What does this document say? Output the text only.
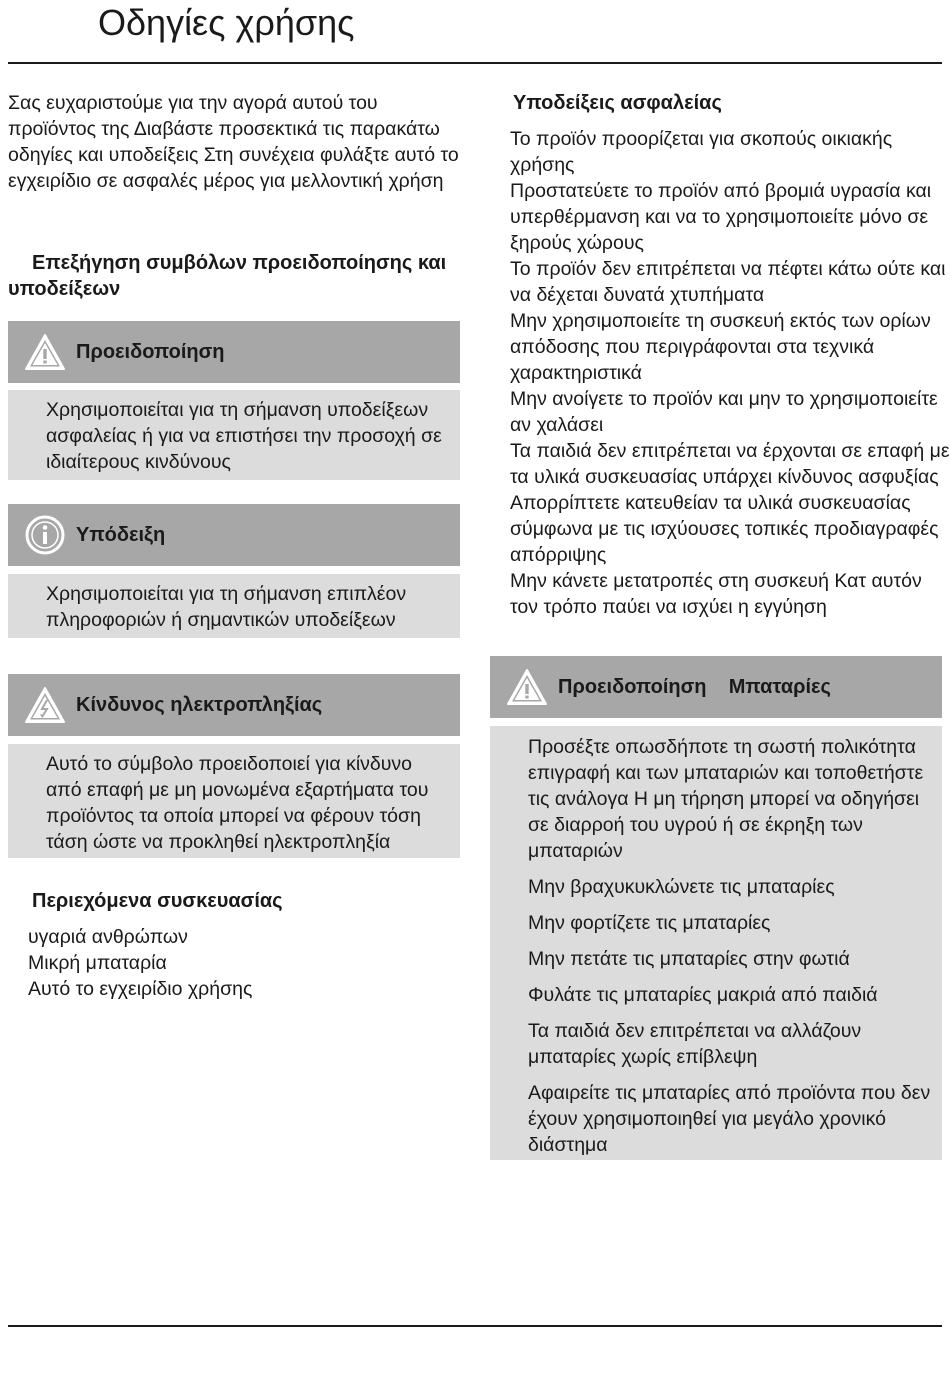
Οδηγίες χρήσης

Σας ευχαριστούμε για την αγορά αυτού του προϊόντος της Διαβάστε προσεκτικά τις παρακάτω οδηγίες και υποδείξεις Στη συνέχεια φυλάξτε αυτό το εγχειρίδιο σε ασφαλές μέρος για μελλοντική χρήση

Επεξήγηση συμβόλων προειδοποίησης και υποδείξεων

Προειδοποίηση

Χρησιμοποιείται για τη σήμανση υποδείξεων ασφαλείας ή για να επιστήσει την προσοχή σε ιδιαίτερους κινδύνους

Υπόδειξη

Χρησιμοποιείται για τη σήμανση επιπλέον πληροφοριών ή σημαντικών υποδείξεων

Κίνδυνος ηλεκτροπληξίας

Αυτό το σύμβολο προειδοποιεί για κίνδυνο από επαφή με μη μονωμένα εξαρτήματα του προϊόντος τα οποία μπορεί να φέρουν τόση τάση ώστε να προκληθεί ηλεκτροπληξία

Περιεχόμενα συσκευασίας

υγαριά ανθρώπων
Μικρή μπαταρία
Αυτό το εγχειρίδιο χρήσης

Υποδείξεις ασφαλείας

Το προϊόν προορίζεται για σκοπούς οικιακής χρήσης
Προστατεύετε το προϊόν από βρομιά υγρασία και υπερθέρμανση και να το χρησιμοποιείτε μόνο σε ξηρούς χώρους
Το προϊόν δεν επιτρέπεται να πέφτει κάτω ούτε και να δέχεται δυνατά χτυπήματα
Μην χρησιμοποιείτε τη συσκευή εκτός των ορίων απόδοσης που περιγράφονται στα τεχνικά χαρακτηριστικά
Μην ανοίγετε το προϊόν και μην το χρησιμοποιείτε αν χαλάσει
Τα παιδιά δεν επιτρέπεται να έρχονται σε επαφή με τα υλικά συσκευασίας υπάρχει κίνδυνος ασφυξίας
Απορρίπτετε κατευθείαν τα υλικά συσκευασίας σύμφωνα με τις ισχύουσες τοπικές προδιαγραφές απόρριψης
Μην κάνετε μετατροπές στη συσκευή Κατ αυτόν τον τρόπο παύει να ισχύει η εγγύηση
Προειδοποίηση    Μπαταρίες
Προσέξτε οπωσδήποτε τη σωστή πολικότητα επιγραφή και των μπαταριών και τοποθετήστε τις ανάλογα Η μη τήρηση μπορεί να οδηγήσει σε διαρροή του υγρού ή σε έκρηξη των μπαταριών
Μην βραχυκυκλώνετε τις μπαταρίες
Μην φορτίζετε τις μπαταρίες
Μην πετάτε τις μπαταρίες στην φωτιά
Φυλάτε τις μπαταρίες μακριά από παιδιά
Τα παιδιά δεν επιτρέπεται να αλλάζουν μπαταρίες χωρίς επίβλεψη
Αφαιρείτε τις μπαταρίες από προϊόντα που δεν έχουν χρησιμοποιηθεί για μεγάλο χρονικό διάστημα
